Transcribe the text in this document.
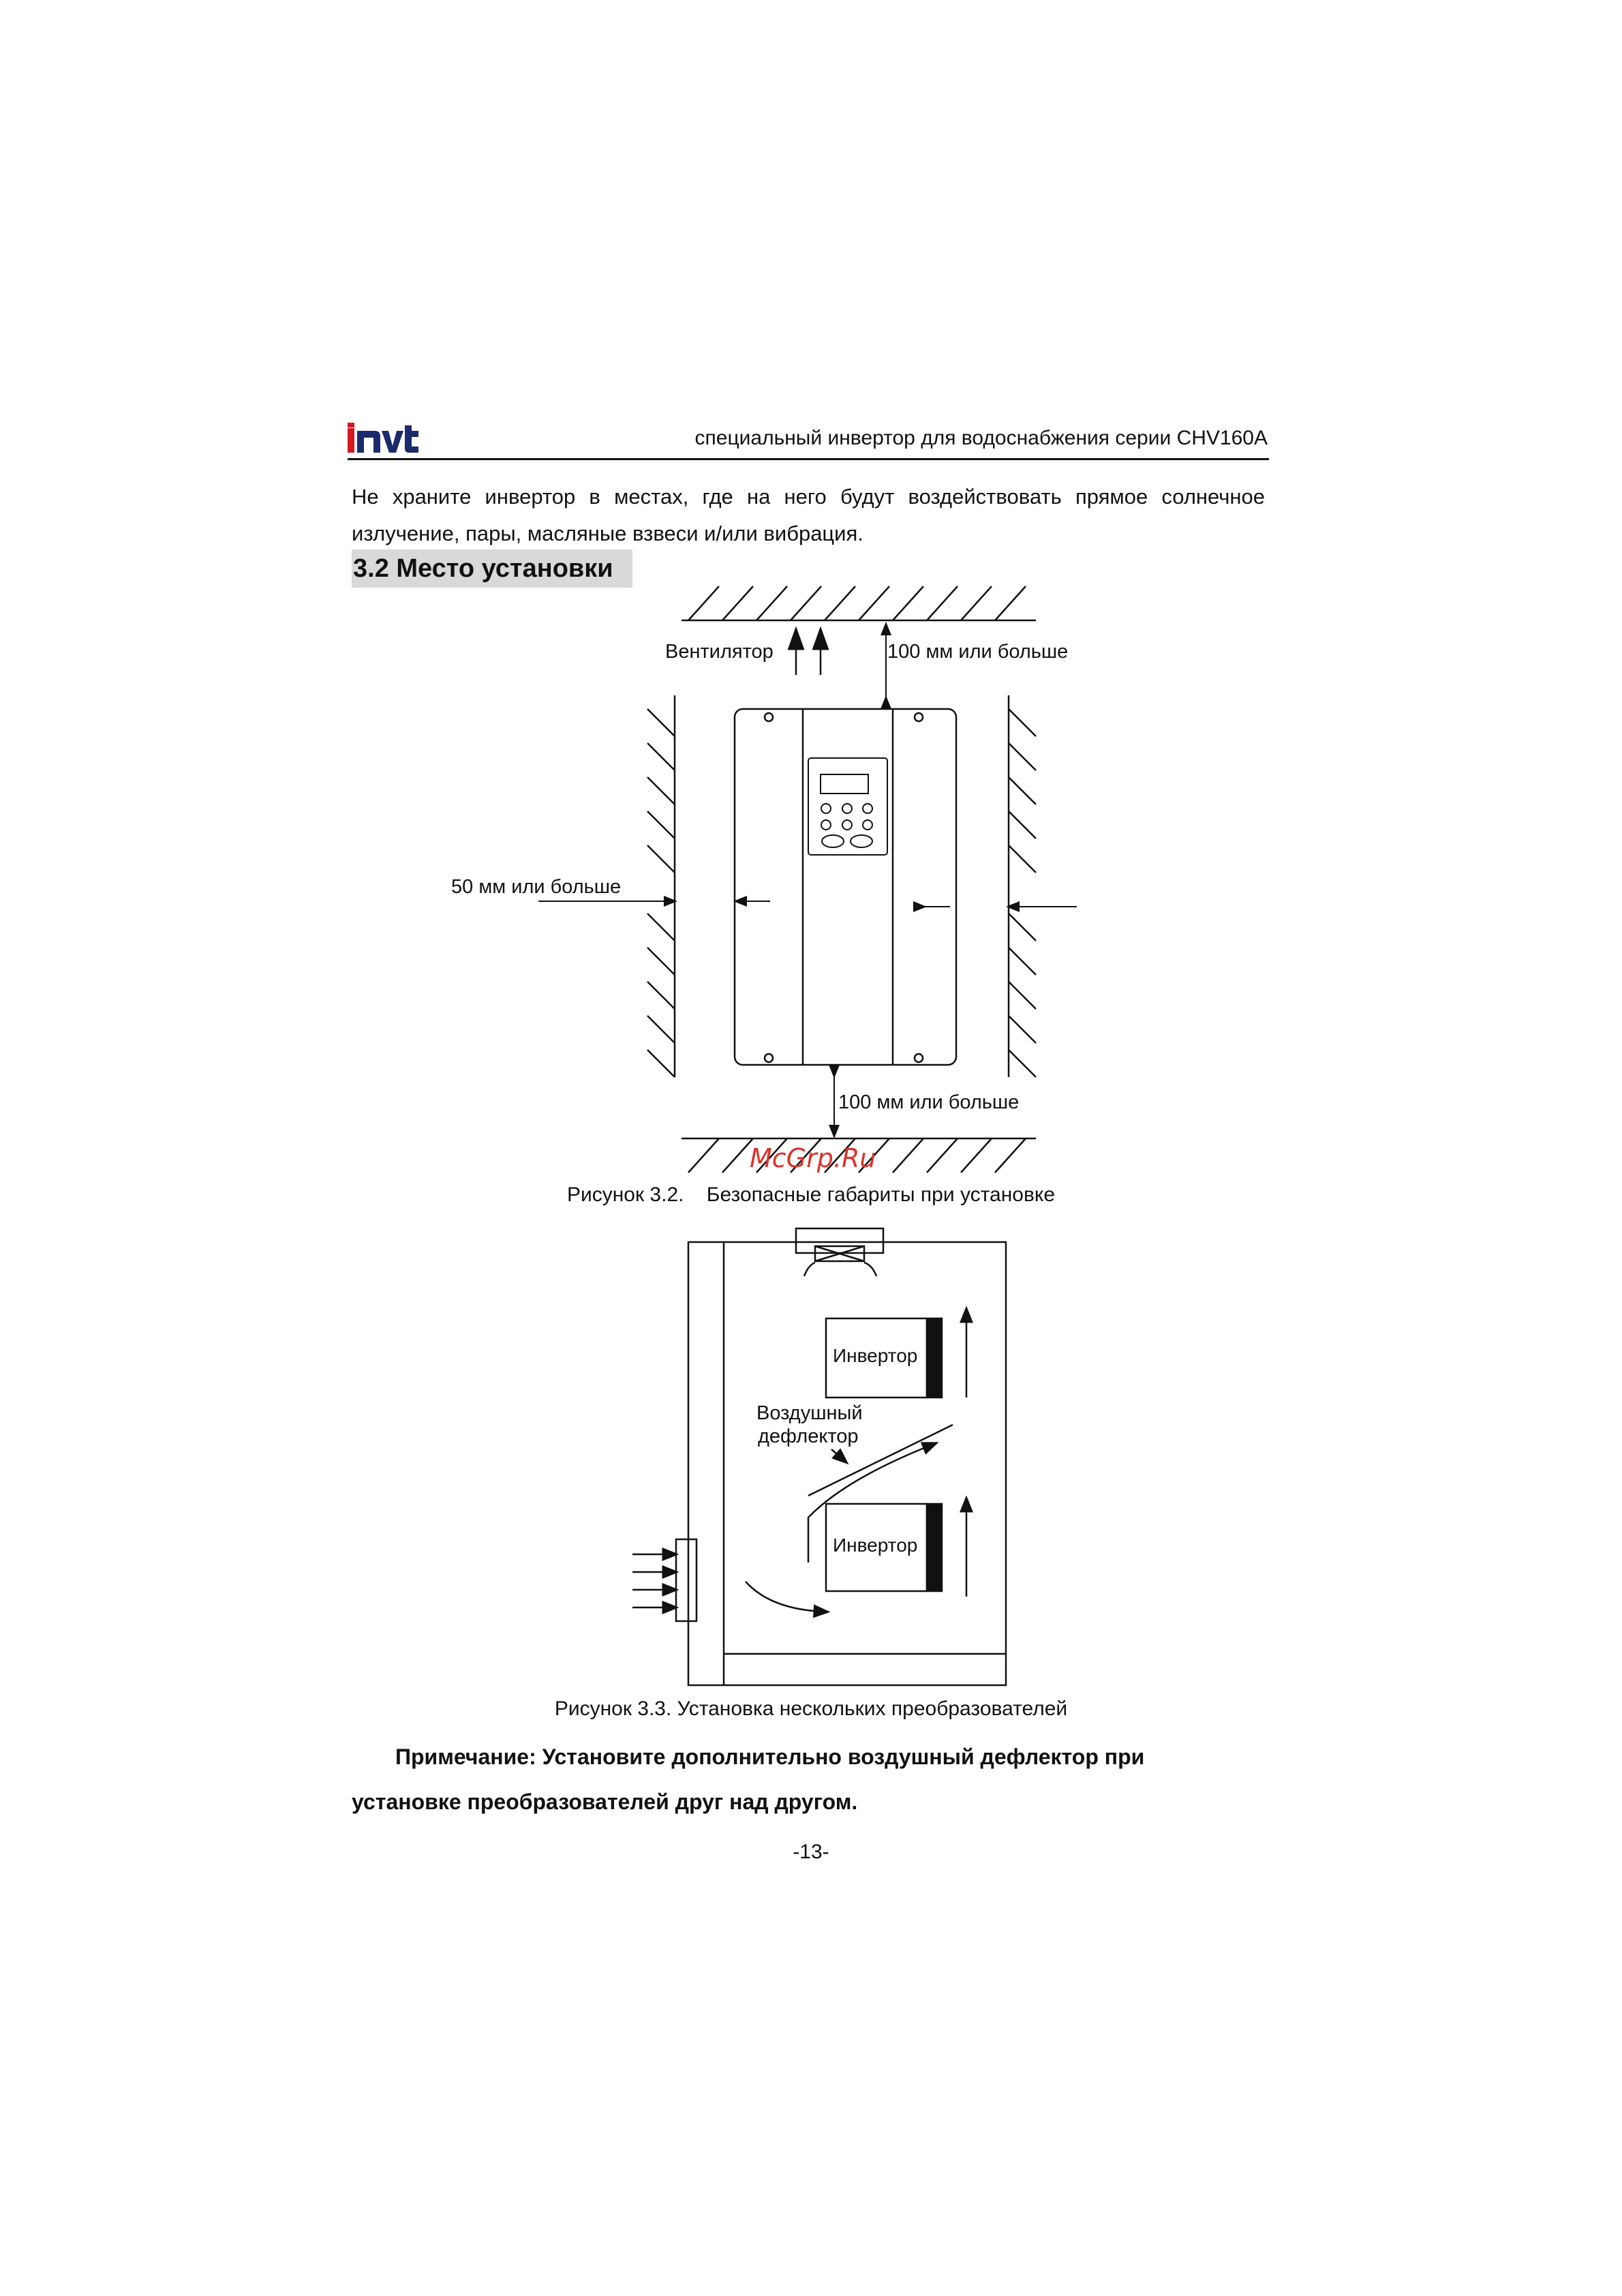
специальный инвертор для водоснабжения серии CHV160A
Не храните инвертор в местах, где на него будут воздействовать прямое солнечное излучение, пары, масляные взвеси и/или вибрация.
3.2 Место установки
Вентилятор	100 мм или больше
50 мм или больше
100 мм или больше
McGrp.Ru
Инвертор
Воздушный
дефлектор
Инвертор
Рисунок 3.2.    Безопасные габариты при установке
Рисунок 3.3. Установка нескольких преобразователей
Примечание: Установите дополнительно воздушный дефлектор при
установке преобразователей друг над другом.
-13-
